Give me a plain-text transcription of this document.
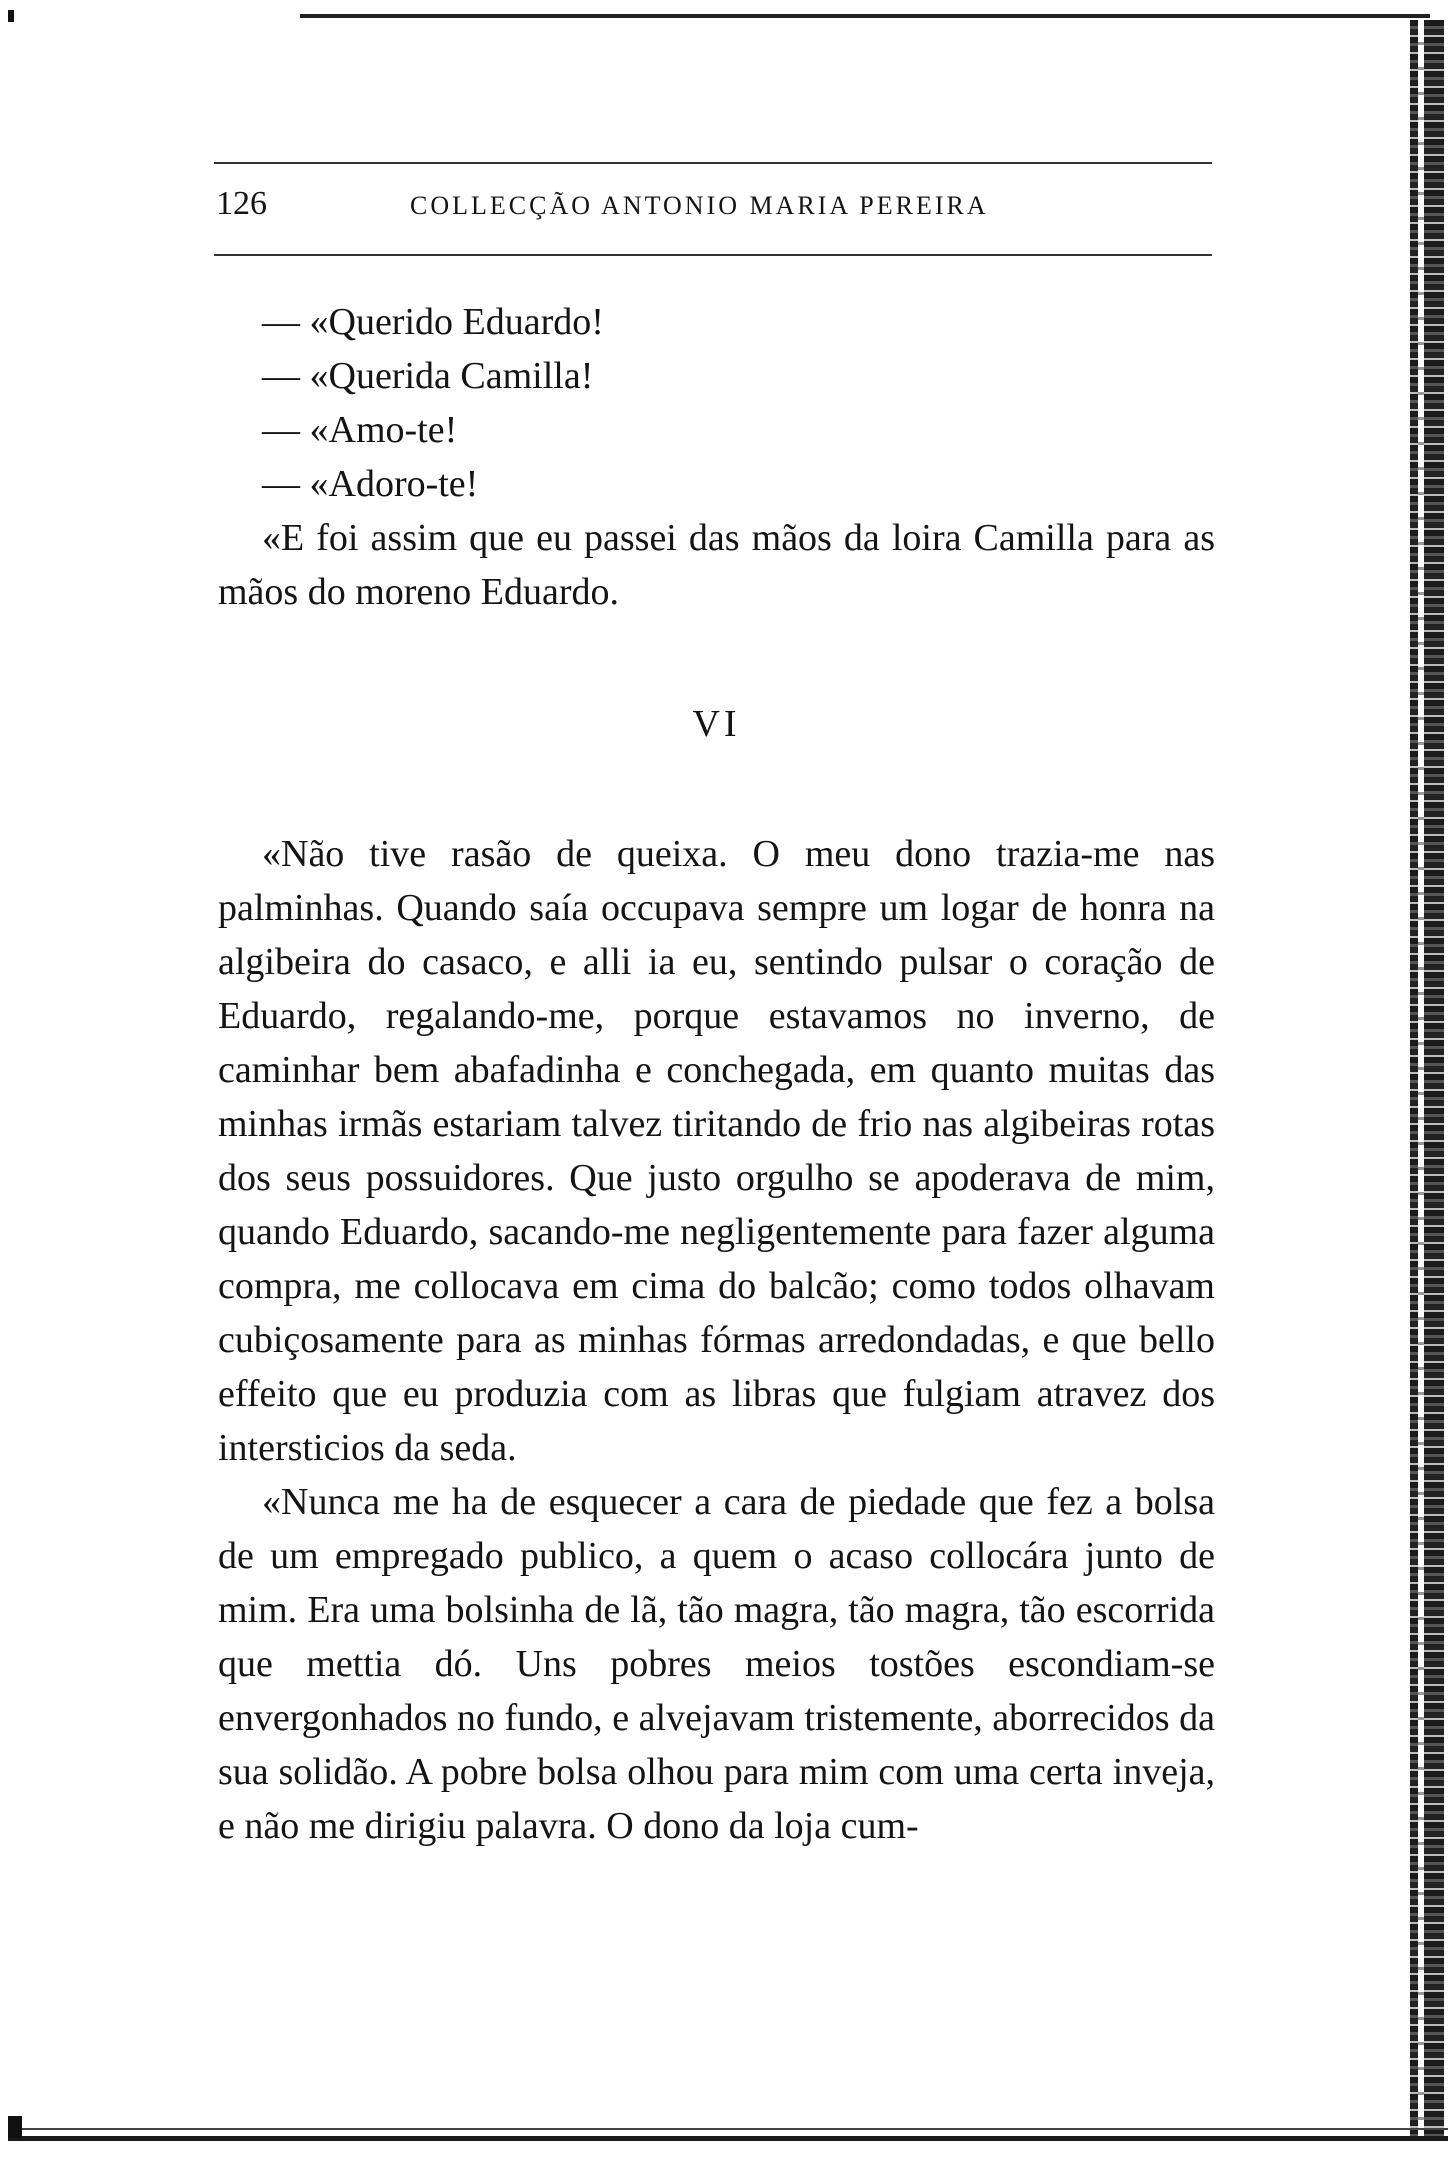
126	COLLECÇÃO ANTONIO MARIA PEREIRA

— «Querido Eduardo!

— «Querida Camilla!

— «Amo-te!

— «Adoro-te!

«E foi assim que eu passei das mãos da loira Camilla para as mãos do moreno Eduardo.

VI

«Não tive rasão de queixa. O meu dono trazia-me nas palminhas. Quando saía occupava sempre um logar de honra na algibeira do casaco, e alli ia eu, sentindo pulsar o coração de Eduardo, regalando-me, porque estavamos no inverno, de caminhar bem abafadinha e conchegada, em quanto muitas das minhas irmãs estariam talvez tiritando de frio nas algibeiras rotas dos seus possuidores. Que justo orgulho se apoderava de mim, quando Eduardo, sacando-me negligentemente para fazer alguma compra, me collocava em cima do balcão; como todos olhavam cubiçosamente para as minhas fórmas arredondadas, e que bello effeito que eu produzia com as libras que fulgiam atravez dos intersticios da seda.

«Nunca me ha de esquecer a cara de piedade que fez a bolsa de um empregado publico, a quem o acaso collocára junto de mim. Era uma bolsinha de lã, tão magra, tão magra, tão escorrida que mettia dó. Uns pobres meios tostões escondiam-se envergonhados no fundo, e alvejavam tristemente, aborrecidos da sua solidão. A pobre bolsa olhou para mim com uma certa inveja, e não me dirigiu palavra. O dono da loja cum-
